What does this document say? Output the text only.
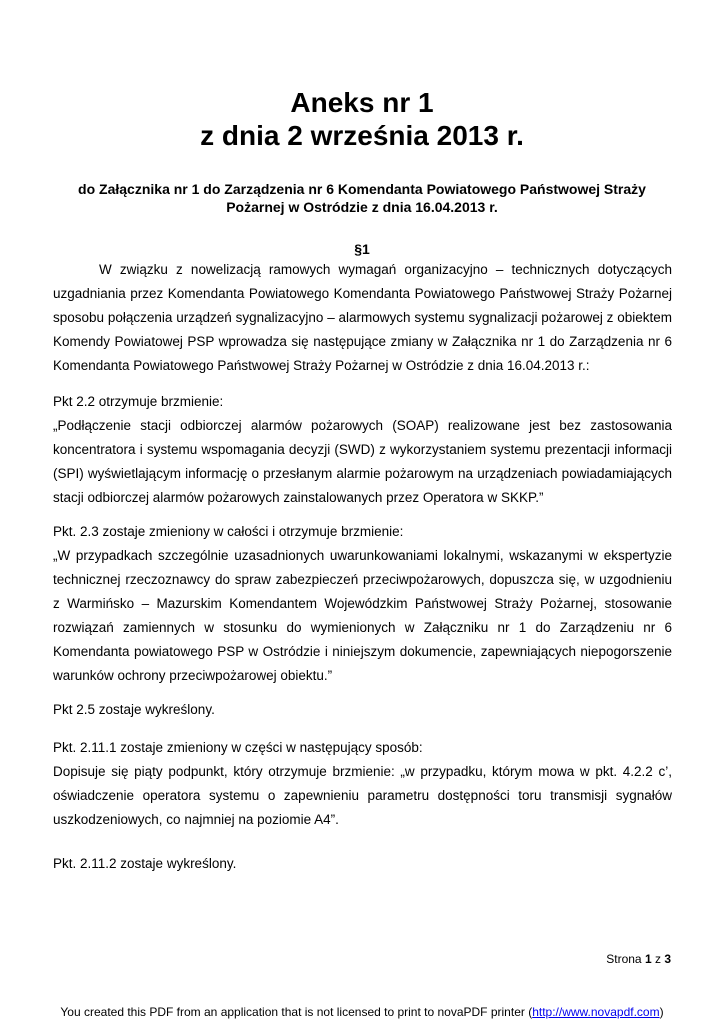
Aneks nr 1
z dnia 2 września 2013 r.
do Załącznika nr 1 do Zarządzenia nr 6 Komendanta Powiatowego Państwowej Straży Pożarnej w Ostródzie z dnia 16.04.2013 r.
§1

W związku z nowelizacją ramowych wymagań organizacyjno – technicznych dotyczących uzgadniania przez Komendanta Powiatowego Komendanta Powiatowego Państwowej Straży Pożarnej sposobu połączenia urządzeń sygnalizacyjno – alarmowych systemu sygnalizacji pożarowej z obiektem Komendy Powiatowej PSP wprowadza się następujące zmiany w Załącznika nr 1 do Zarządzenia nr 6 Komendanta Powiatowego Państwowej Straży Pożarnej w Ostródzie z dnia 16.04.2013 r.:

Pkt 2.2 otrzymuje brzmienie:

„Podłączenie stacji odbiorczej alarmów pożarowych (SOAP) realizowane jest bez zastosowania koncentratora i systemu wspomagania decyzji (SWD) z wykorzystaniem systemu prezentacji informacji (SPI) wyświetlającym informację o przesłanym alarmie pożarowym na urządzeniach powiadamiających stacji odbiorczej alarmów pożarowych zainstalowanych przez Operatora w SKKP.”

Pkt. 2.3 zostaje zmieniony w całości i otrzymuje brzmienie:

„W przypadkach szczególnie uzasadnionych uwarunkowaniami lokalnymi, wskazanymi w ekspertyzie technicznej rzeczoznawcy do spraw zabezpieczeń przeciwpożarowych, dopuszcza się, w uzgodnieniu z Warmińsko – Mazurskim Komendantem Wojewódzkim Państwowej Straży Pożarnej, stosowanie rozwiązań zamiennych w stosunku do wymienionych w Załączniku nr 1 do Zarządzeniu nr 6 Komendanta powiatowego PSP w Ostródzie i niniejszym dokumencie, zapewniających niepogorszenie warunków ochrony przeciwpożarowej obiektu.”

Pkt 2.5 zostaje wykreślony.

Pkt. 2.11.1 zostaje zmieniony w części w następujący sposób:

Dopisuje się piąty podpunkt, który otrzymuje brzmienie: „w przypadku, którym mowa w pkt. 4.2.2 c’, oświadczenie operatora systemu o zapewnieniu parametru dostępności toru transmisji sygnałów uszkodzeniowych, co najmniej na poziomie A4”.

Pkt. 2.11.2 zostaje wykreślony.

Strona 1 z 3
You created this PDF from an application that is not licensed to print to novaPDF printer (http://www.novapdf.com)
